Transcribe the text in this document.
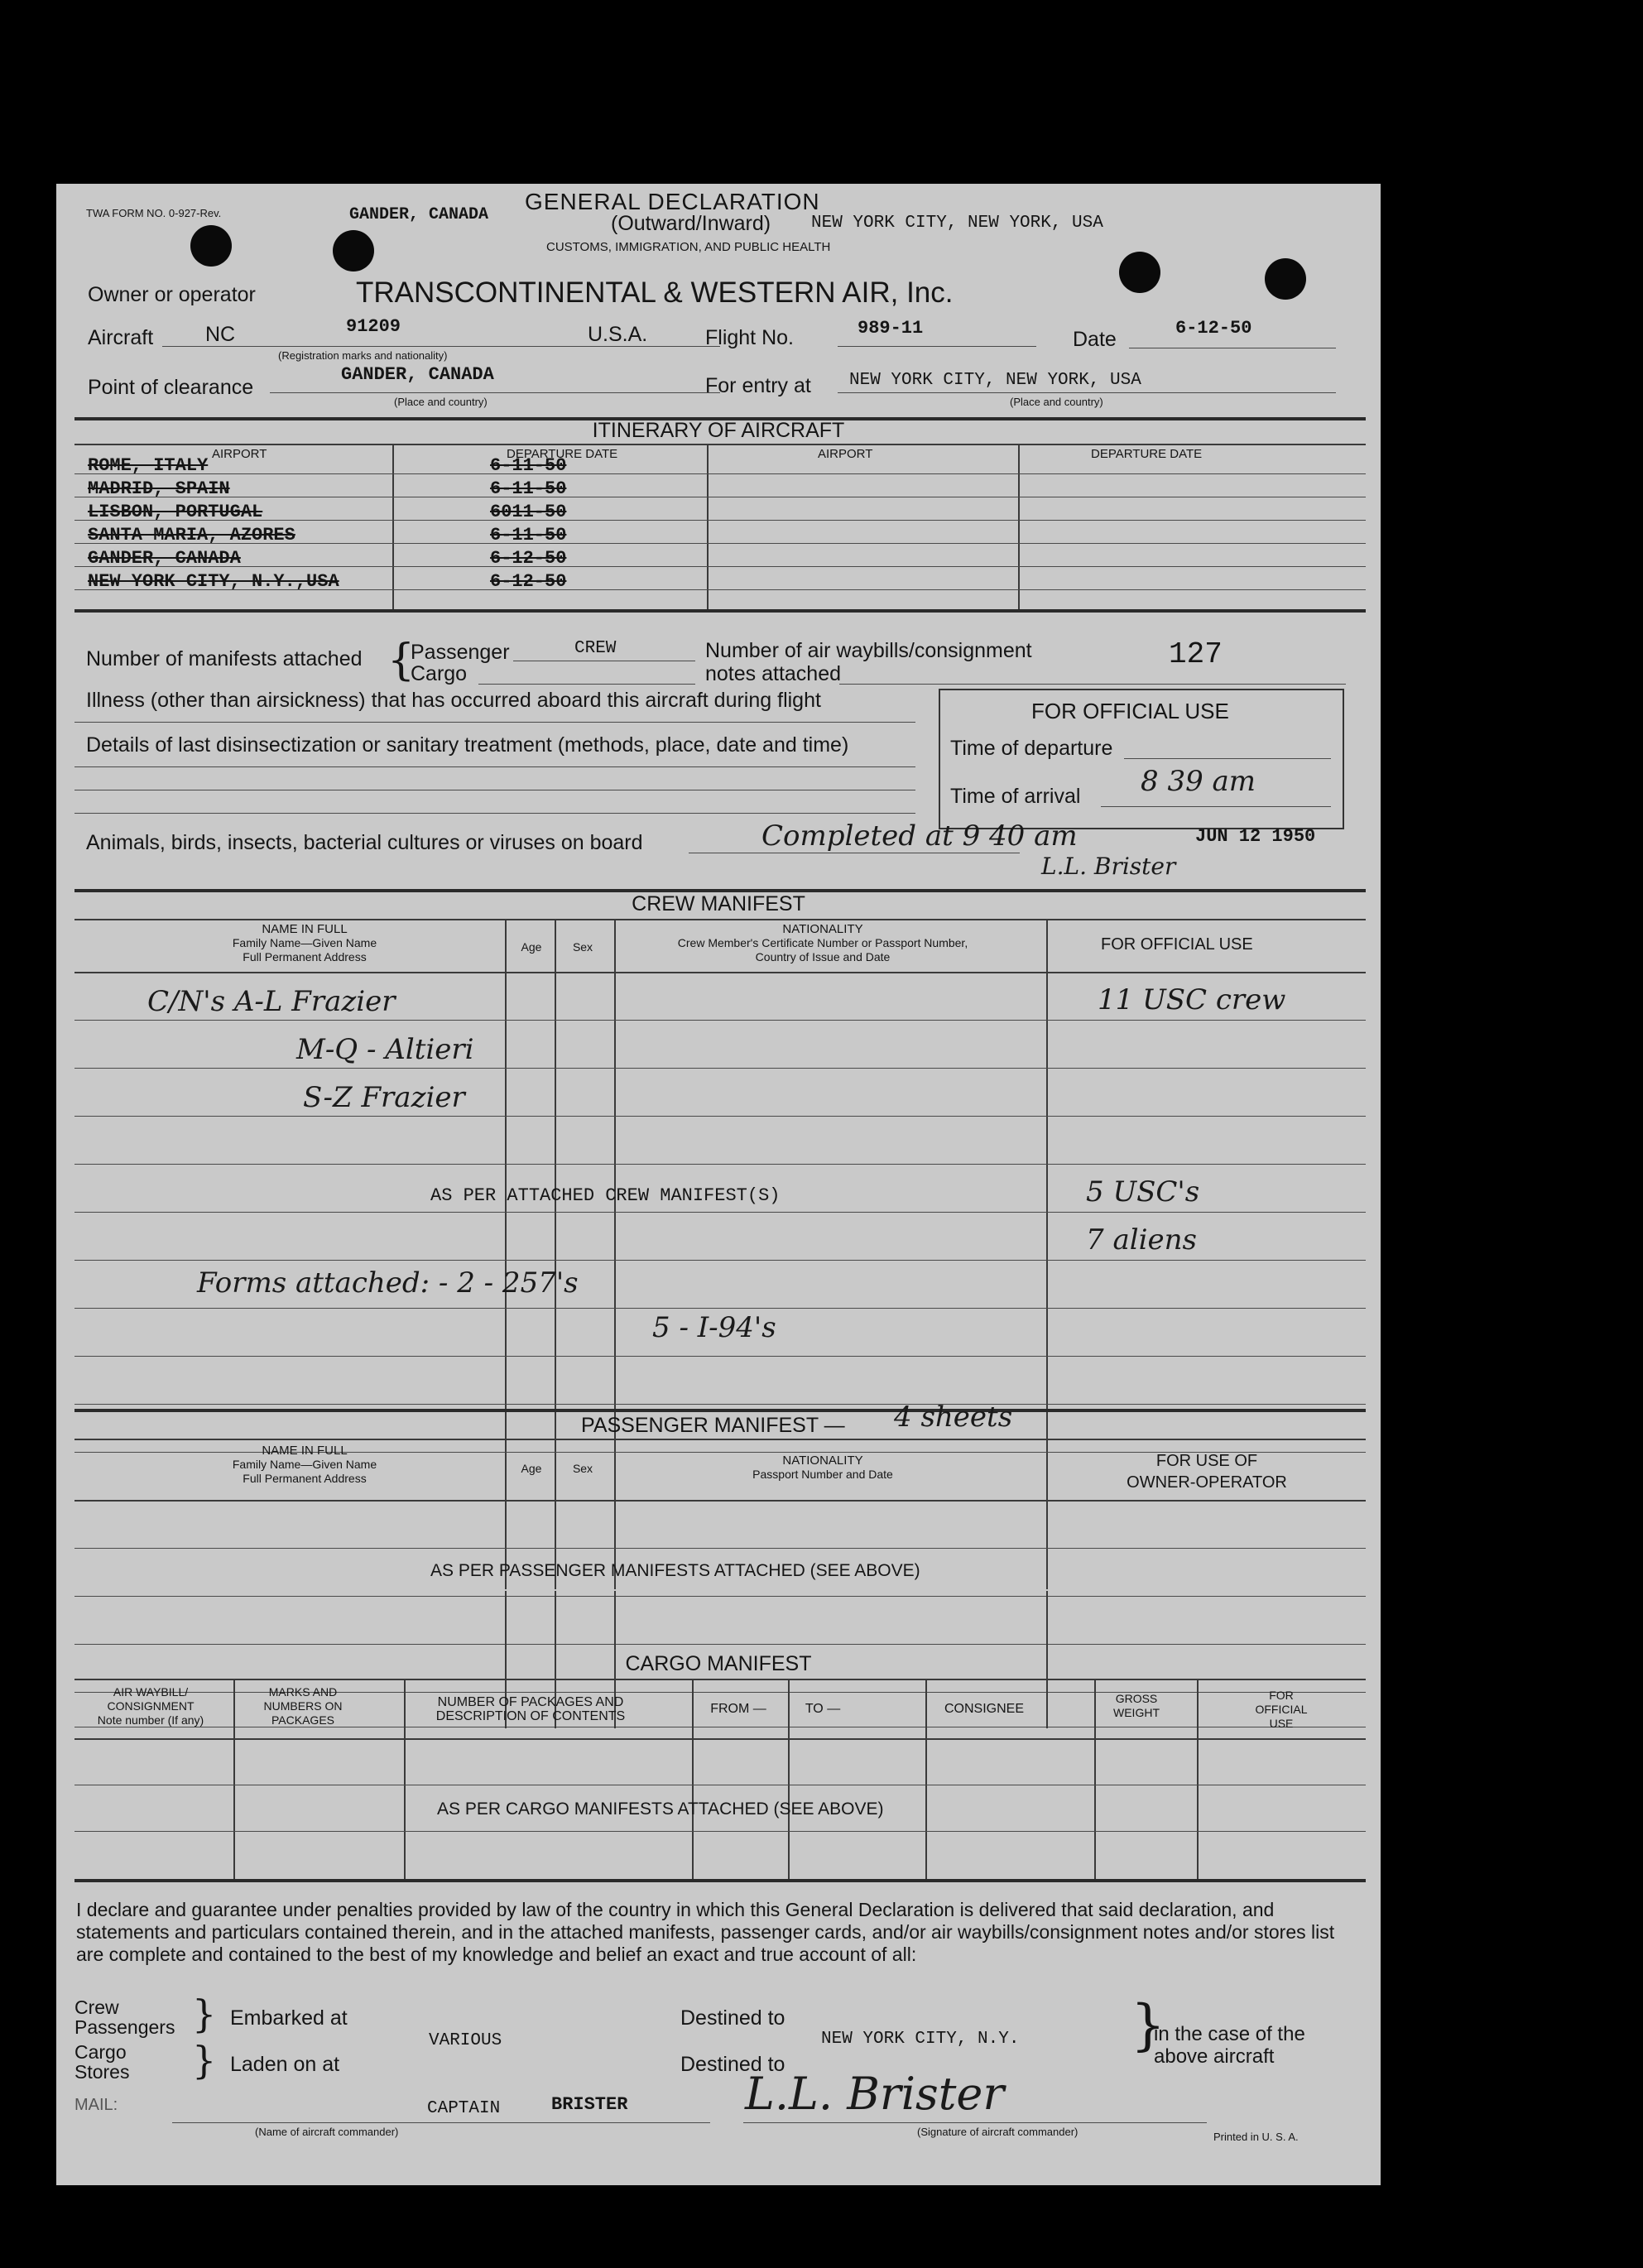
TWA FORM NO. 0-927-Rev.	GENERAL DECLARATION
GANDER, CANADA	(Outward/Inward) NEW YORK CITY, NEW YORK, USA
CUSTOMS, IMMIGRATION, AND PUBLIC HEALTH
Owner or operator	TRANSCONTINENTAL & WESTERN AIR, Inc.
Aircraft	NC	91209	U.S.A.
(Registration marks and nationality)
Flight No.	989-11	Date	6-12-50
Point of clearance
GANDER, CANADA
(Place and country)
For entry at NEW YORK CITY, NEW YORK, USA
(Place and country)
ITINERARY OF AIRCRAFT
AIRPORT	DEPARTURE DATE	AIRPORT	DEPARTURE DATE
ROME, ITALY	6-11-50
MADRID, SPAIN	6-11-50
LISBON, PORTUGAL	6011-50
SANTA MARIA, AZORES	6-11-50
GANDER, CANADA	6-12-50
NEW YORK CITY, N.Y.,USA	6-12-50
Number of manifests attached {
Passenger	CREW
Cargo
Number of air waybills/consignment
notes attached
127
Illness (other than airsickness) that has occurred aboard this aircraft during flight
Details of last disinsectization or sanitary treatment (methods, place, date and time)
FOR OFFICIAL USE
Time of departure
Time of arrival 8 39 am
Animals, birds, insects, bacterial cultures or viruses on board	Completed at 9 40 am	JUN 12 1950
L.L. Brister
CREW MANIFEST
NAME IN FULL
Family Name—Given Name
Full Permanent Address
Age	Sex
NATIONALITY
Crew Member's Certificate Number or Passport Number,
Country of Issue and Date
FOR OFFICIAL USE
C/N's A-L Frazier
M-Q - Altieri
S-Z Frazier
11 USC crew
AS PER ATTACHED CREW MANIFEST(S)	5 USC's
7 aliens
Forms attached: - 2 - 257's
5 - I-94's
PASSENGER MANIFEST — 4 sheets
NAME IN FULL
Family Name—Given Name
Full Permanent Address
Age	Sex
NATIONALITY
Passport Number and Date
FOR USE OF
OWNER-OPERATOR
AS PER PASSENGER MANIFESTS ATTACHED (SEE ABOVE)
CARGO MANIFEST
AIR WAYBILL/ CONSIGNMENT
Note number (If any)
MARKS AND NUMBERS ON PACKAGES
NUMBER OF PACKAGES AND DESCRIPTION OF CONTENTS
FROM —	TO —	CONSIGNEE
GROSS WEIGHT
FOR OFFICIAL USE
AS PER CARGO MANIFESTS ATTACHED (SEE ABOVE)
I declare and guarantee under penalties provided by law of the country in which this General Declaration is delivered that said declaration, and statements and particulars contained therein, and in the attached manifests, passenger cards, and/or air waybills/consignment notes and/or stores list are complete and contained to the best of my knowledge and belief an exact and true account of all:
Crew
Passengers } Embarked at
Cargo
Stores } Laden on at
VARIOUS
Destined to
Destined to
NEW YORK CITY, N.Y. }
in the case of the above aircraft
MAIL:	CAPTAIN	BRISTER
(Name of aircraft commander)
L.L. Brister
(Signature of aircraft commander)	Printed in U. S. A.
